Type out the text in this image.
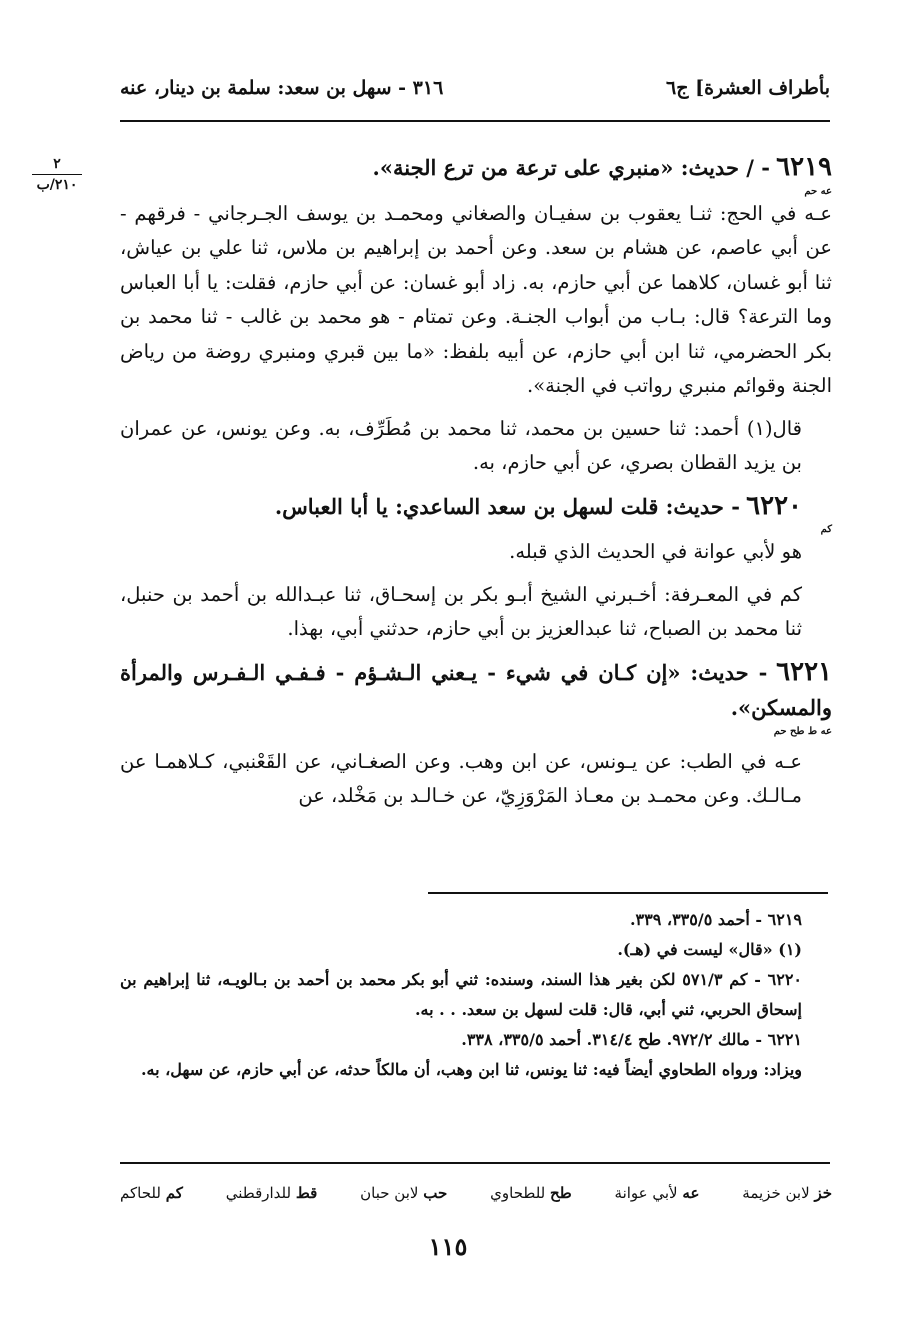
بأطراف العشرة] ج٦
٣١٦ - سهل بن سعد: سلمة بن دينار، عنه
٢
٢١٠/ب

٦٢١٩ - / حديث: «منبري على ترعة من ترع الجنة».

عه حم

عـه في الحج: ثنـا يعقوب بن سفيـان والصغاني ومحمـد بن يوسف الجـرجاني - فرقهم - عن أبي عاصم، عن هشام بن سعد. وعن أحمد بن إبراهيم بن ملاس، ثنا علي بن عياش، ثنا أبو غسان، كلاهما عن أبي حازم، به. زاد أبو غسان: عن أبي حازم، فقلت: يا أبا العباس وما الترعة؟ قال: بـاب من أبواب الجنـة. وعن تمتام - هو محمد بن غالب - ثنا محمد بن بكر الحضرمي، ثنا ابن أبي حازم، عن أبيه بلفظ: «ما بين قبري ومنبري روضة من رياض الجنة وقوائم منبري رواتب في الجنة».

قال(١) أحمد: ثنا حسين بن محمد، ثنا محمد بن مُطَرِّف، به. وعن يونس، عن عمران بن يزيد القطان بصري، عن أبي حازم، به.

٦٢٢٠ - حديث: قلت لسهل بن سعد الساعدي: يا أبا العباس.

كم

هو لأبي عوانة في الحديث الذي قبله.

كم في المعـرفة: أخـبرني الشيخ أبـو بكر بن إسحـاق، ثنا عبـدالله بن أحمد بن حنبل، ثنا محمد بن الصباح، ثنا عبدالعزيز بن أبي حازم، حدثني أبي، بهذا.

٦٢٢١ - حديث: «إن كـان في شيء - يـعني الـشـؤم - فـفـي الـفـرس والمرأة والمسكن».

عه ط طح حم

عـه في الطب: عن يـونس، عن ابن وهب. وعن الصغـاني، عن القَعْنبي، كـلاهمـا عن مـالـك. وعن محمـد بن معـاذ المَرْوَزِيّ، عن خـالـد بن مَخْلد، عن

٦٢١٩ - أحمد ٣٣٥/٥، ٣٣٩.

(١) «قال» ليست في (هـ).

٦٢٢٠ - كم ٥٧١/٣ لكن بغير هذا السند، وسنده: ثني أبو بكر محمد بن أحمد بن بـالويـه، ثنا إبراهيم بن إسحاق الحربي، ثني أبي، قال: قلت لسهل بن سعد. . . به.

٦٢٢١ - مالك ٩٧٢/٢. طح ٣١٤/٤. أحمد ٣٣٥/٥، ٣٣٨.

ويزاد: ورواه الطحاوي أيضاً فيه: ثنا يونس، ثنا ابن وهب، أن مالكاً حدثه، عن أبي حازم، عن سهل، به.

خز لابن خزيمة
عه لأبي عوانة
طح للطحاوي
حب لابن حبان
قط للدارقطني
كم للحاكم
١١٥
